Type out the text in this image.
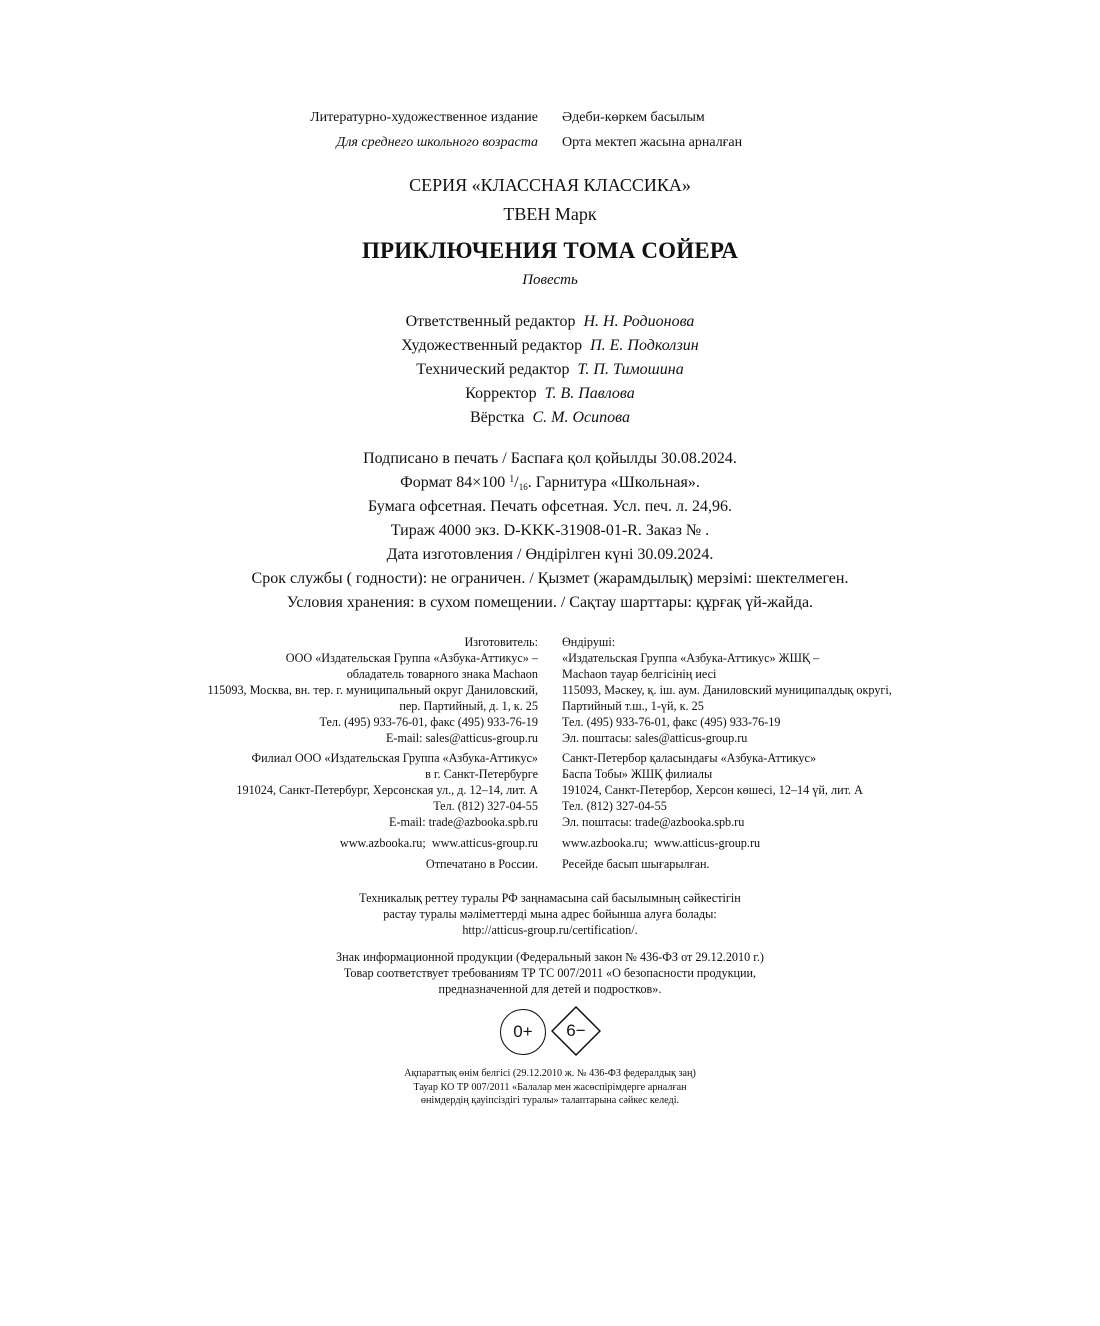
Литературно-художественное издание
Для среднего школьного возраста
Әдеби-көркем басылым
Орта мектеп жасына арналған
СЕРИЯ «КЛАССНАЯ КЛАССИКА»
ТВЕН Марк
ПРИКЛЮЧЕНИЯ ТОМА СОЙЕРА
Повесть
Ответственный редактор Н. Н. Родионова
Художественный редактор П. Е. Подколзин
Технический редактор Т. П. Тимошина
Корректор Т. В. Павлова
Вёрстка С. М. Осипова
Подписано в печать / Баспаға қол қойылды 30.08.2024.
Формат 84×100 $^1$/16. Гарнитура «Школьная».
Бумага офсетная. Печать офсетная. Усл. печ. л. 24,96.
Тираж 4000 экз. D-KKK-31908-01-R. Заказ № .
Дата изготовления / Өндірілген күні 30.09.2024.
Срок службы ( годности): не ограничен. / Қызмет (жарамдылық) мерзімі: шектелмеген.
Условия хранения: в сухом помещении. / Сақтау шарттары: құрғақ үй-жайда.
Изготовитель:
ООО «Издательская Группа «Азбука-Аттикус» –
обладатель товарного знака Machaon
115093, Москва, вн. тер. г. муниципальный округ Даниловский,
пер. Партийный, д. 1, к. 25
Тел. (495) 933-76-01, факс (495) 933-76-19
E-mail: sales@atticus-group.ru
Филиал ООО «Издательская Группа «Азбука-Аттикус»
в г. Санкт-Петербурге
191024, Санкт-Петербург, Херсонская ул., д. 12–14, лит. А
Тел. (812) 327-04-55
E-mail: trade@azbooka.spb.ru
www.azbooka.ru;  www.atticus-group.ru
Отпечатано в России.
Өндіруші:
«Издательская Группа «Азбука-Аттикус» ЖШҚ –
Machaon тауар белгісінің иесі
115093, Мәскеу, қ. іш. аум. Даниловский муниципалдық округі,
Партийный т.ш., 1-үй, к. 25
Тел. (495) 933-76-01, факс (495) 933-76-19
Эл. поштасы: sales@atticus-group.ru
Санкт-Петербор қаласындағы «Азбука-Аттикус»
Баспа Тобы» ЖШҚ филиалы
191024, Санкт-Петербор, Херсон көшесі, 12–14 үй, лит. А
Тел. (812) 327-04-55
Эл. поштасы: trade@azbooka.spb.ru
www.azbooka.ru;  www.atticus-group.ru
Ресейде басып шығарылған.
Техникалық реттеу туралы РФ заңнамасына сай басылымның сәйкестігін
растау туралы мәліметтерді мына адрес бойынша алуға болады:
http://atticus-group.ru/certification/.
Знак информационной продукции (Федеральный закон № 436-ФЗ от 29.12.2010 г.)
Товар соответствует требованиям ТР ТС 007/2011 «О безопасности продукции,
предназначенной для детей и подростков».
0+	6−
Ақпараттық өнім белгісі (29.12.2010 ж. № 436-ФЗ федералдық заң)
Тауар КО ТР 007/2011 «Балалар мен жасөспірімдерге арналған
өнімдердің қауіпсіздігі туралы» талаптарына сәйкес келеді.
